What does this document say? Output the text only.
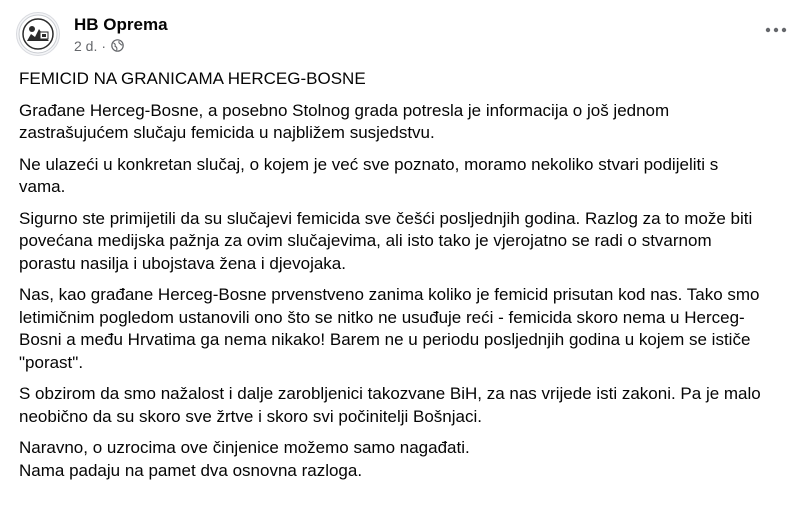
HB Oprema
2 d. ·

FEMICID NA GRANICAMA HERCEG-BOSNE

Građane Herceg-Bosne, a posebno Stolnog grada potresla je informacija o još jednom
zastrašujućem slučaju femicida u najbližem susjedstvu.

Ne ulazeći u konkretan slučaj, o kojem je već sve poznato, moramo nekoliko stvari podijeliti s
vama.

Sigurno ste primijetili da su slučajevi femicida sve češći posljednjih godina. Razlog za to može biti
povećana medijska pažnja za ovim slučajevima, ali isto tako je vjerojatno se radi o stvarnom
porastu nasilja i ubojstava žena i djevojaka.

Nas, kao građane Herceg-Bosne prvenstveno zanima koliko je femicid prisutan kod nas. Tako smo
letimičnim pogledom ustanovili ono što se nitko ne usuđuje reći - femicida skoro nema u Herceg-
Bosni a među Hrvatima ga nema nikako! Barem ne u periodu posljednjih godina u kojem se ističe
"porast".

S obzirom da smo nažalost i dalje zarobljenici takozvane BiH, za nas vrijede isti zakoni. Pa je malo
neobično da su skoro sve žrtve i skoro svi počinitelji Bošnjaci.

Naravno, o uzrocima ove činjenice možemo samo nagađati.
Nama padaju na pamet dva osnovna razloga.
